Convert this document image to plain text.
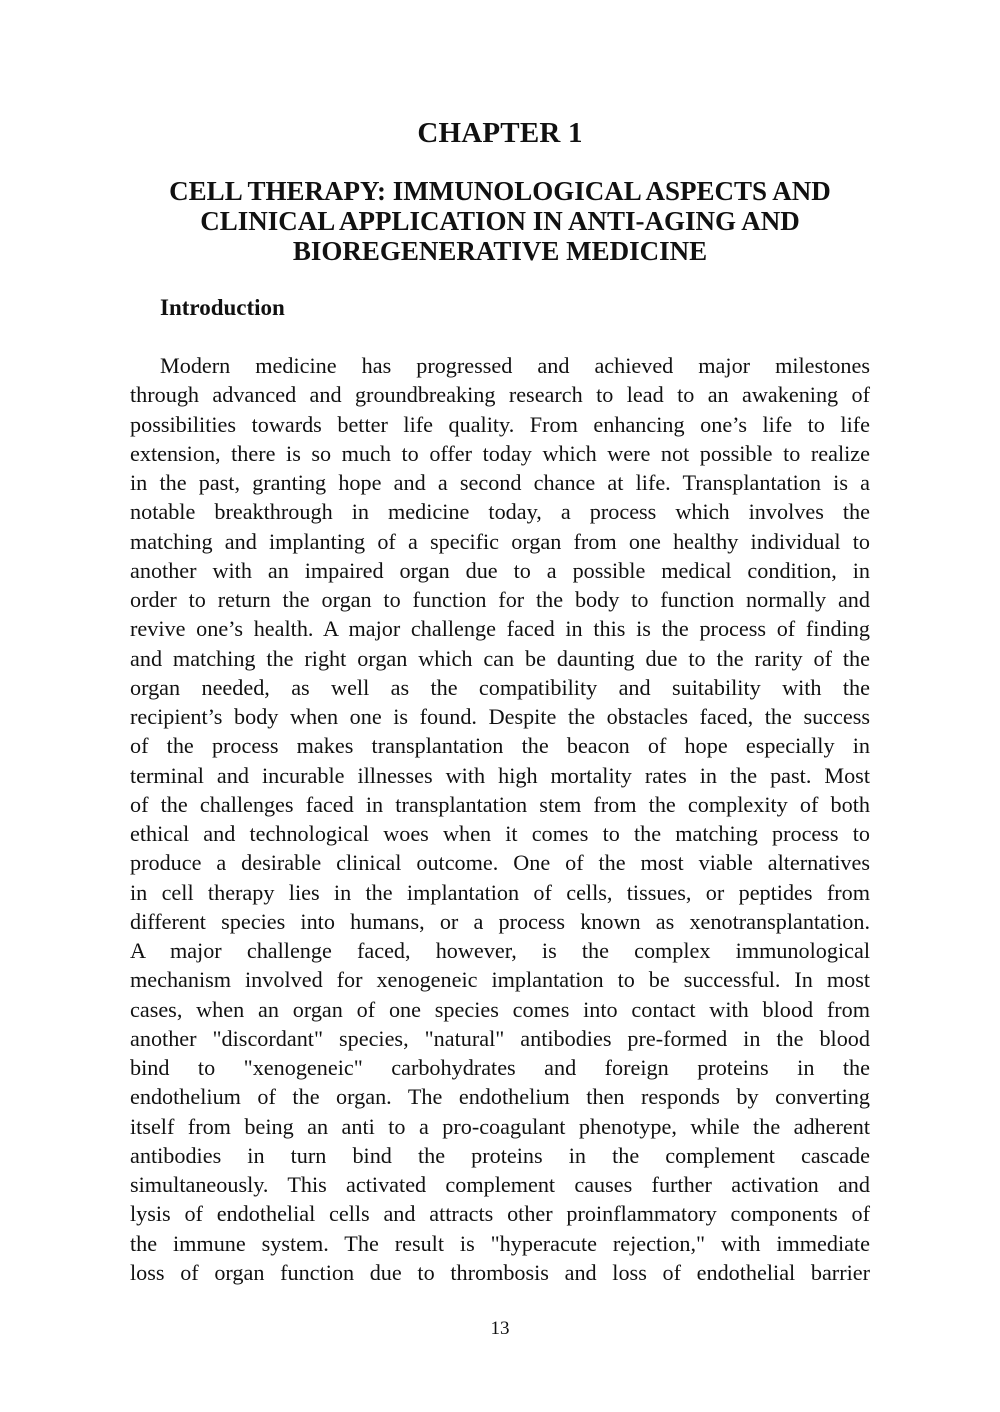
CHAPTER 1
CELL THERAPY: IMMUNOLOGICAL ASPECTS AND
CLINICAL APPLICATION IN ANTI-AGING AND
BIOREGENERATIVE MEDICINE
Introduction

Modern medicine has progressed and achieved major milestones
through advanced and groundbreaking research to lead to an awakening of
possibilities towards better life quality. From enhancing one’s life to life
extension, there is so much to offer today which were not possible to realize
in the past, granting hope and a second chance at life. Transplantation is a
notable breakthrough in medicine today, a process which involves the
matching and implanting of a specific organ from one healthy individual to
another with an impaired organ due to a possible medical condition, in
order to return the organ to function for the body to function normally and
revive one’s health. A major challenge faced in this is the process of finding
and matching the right organ which can be daunting due to the rarity of the
organ needed, as well as the compatibility and suitability with the
recipient’s body when one is found. Despite the obstacles faced, the success
of the process makes transplantation the beacon of hope especially in
terminal and incurable illnesses with high mortality rates in the past. Most
of the challenges faced in transplantation stem from the complexity of both
ethical and technological woes when it comes to the matching process to
produce a desirable clinical outcome. One of the most viable alternatives
in cell therapy lies in the implantation of cells, tissues, or peptides from
different species into humans, or a process known as xenotransplantation.
A major challenge faced, however, is the complex immunological
mechanism involved for xenogeneic implantation to be successful. In most
cases, when an organ of one species comes into contact with blood from
another "discordant" species, "natural" antibodies pre-formed in the blood
bind to "xenogeneic" carbohydrates and foreign proteins in the
endothelium of the organ. The endothelium then responds by converting
itself from being an anti to a pro-coagulant phenotype, while the adherent
antibodies in turn bind the proteins in the complement cascade
simultaneously. This activated complement causes further activation and
lysis of endothelial cells and attracts other proinflammatory components of
the immune system. The result is "hyperacute rejection," with immediate
loss of organ function due to thrombosis and loss of endothelial barrier

13
